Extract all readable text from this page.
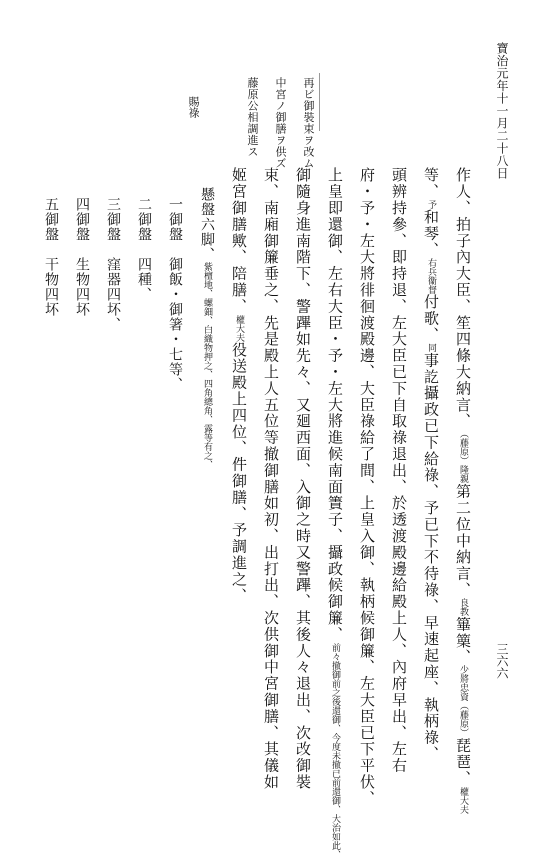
寶治元年十一月二十八日
再ビ御裝束ヲ改ム
中宮ノ御膳ヲ供ズ
藤原公相調進ス
賜祿
作人、拍子內大臣、笙四條大納言、（藤原）隆親第二位中納言、良教篳篥、少將忠資（藤原）琵琶、權大夫
等、予和琴、右兵衞督付歌、同事訖攝政已下給祿、予已下不待祿、早速起座、執柄祿、
頭辨持參、即持退、左大臣已下自取祿退出、於透渡殿邊給殿上人、內府早出、左右
府・予・左大將徘徊渡殿邊、大臣祿給了間、上皇入御、執柄候御簾、左大臣已下平伏、
上皇即還御、左右大臣・予・左大將進候南面簀子、攝政候御簾、前々撤御前之後還御、今度未撤已前還御、大治如此、
御隨身進南階下、警蹕如先々、又廻西面、入御之時又警蹕、其後人々退出、次改御裝
束、南廂御簾垂之、先是殿上人五位等撤御膳如初、出打出、次供御中宮御膳、其儀如
姬宮御膳歟、陪膳、權大夫役送殿上四位、件御膳、予調進之、
懸盤六脚、紫檀地、螺鈿、白織物押之、四角總角、露等有之、
一御盤　御飯・御箸・七等、
二御盤　四種、
三御盤　窪器四坏、
四御盤　生物四坏
五御盤　干物四坏
三六六
